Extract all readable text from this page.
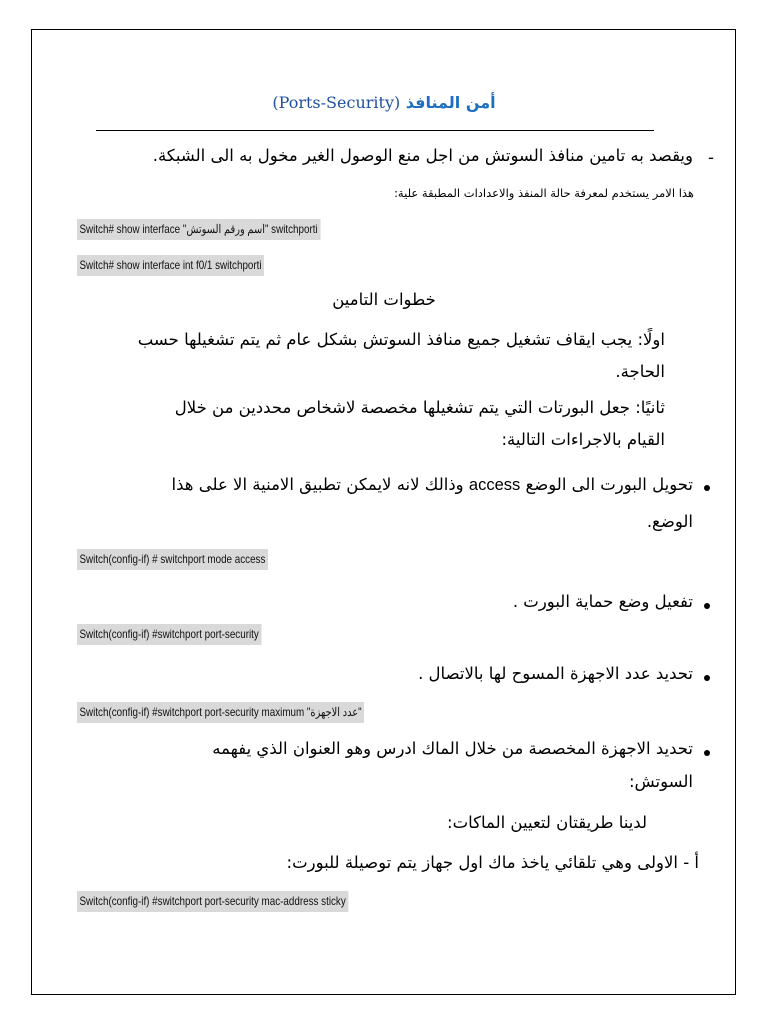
(Ports-Security) أمن المنافذ
-
ويقصد به تامين منافذ السوتش من اجل منع الوصول الغير مخول به الى الشبكة.
هذا الامر يستخدم لمعرفة حالة المنفذ والاعدادات المطبقة علية:
Switch# show interface "اسم ورقم السوتش" switchporti
Switch# show interface int f0/1 switchporti
خطوات التامين
اولًا: يجب ايقاف تشغيل جميع منافذ السوتش بشكل عام ثم يتم تشغيلها حسب
الحاجة.
ثانيًا: جعل البورتات التي يتم تشغيلها مخصصة لاشخاص محددين من خلال
القيام بالاجراءات التالية:
تحويل البورت الى الوضع access وذالك لانه لايمكن تطبيق الامنية الا على هذا
الوضع.
Switch(config-if) # switchport mode access
تفعيل وضع حماية البورت .
Switch(config-if) #switchport port-security
تحديد عدد الاجهزة المسوح لها بالاتصال .
Switch(config-if) #switchport port-security maximum "عدد الاجهزة"
تحديد الاجهزة المخصصة من خلال الماك ادرس وهو العنوان الذي يفهمه
السوتش:
لدينا طريقتان لتعيين الماكات:
أ - الاولى وهي تلقائي ياخذ ماك اول جهاز يتم توصيلة للبورت:
Switch(config-if) #switchport port-security mac-address sticky
